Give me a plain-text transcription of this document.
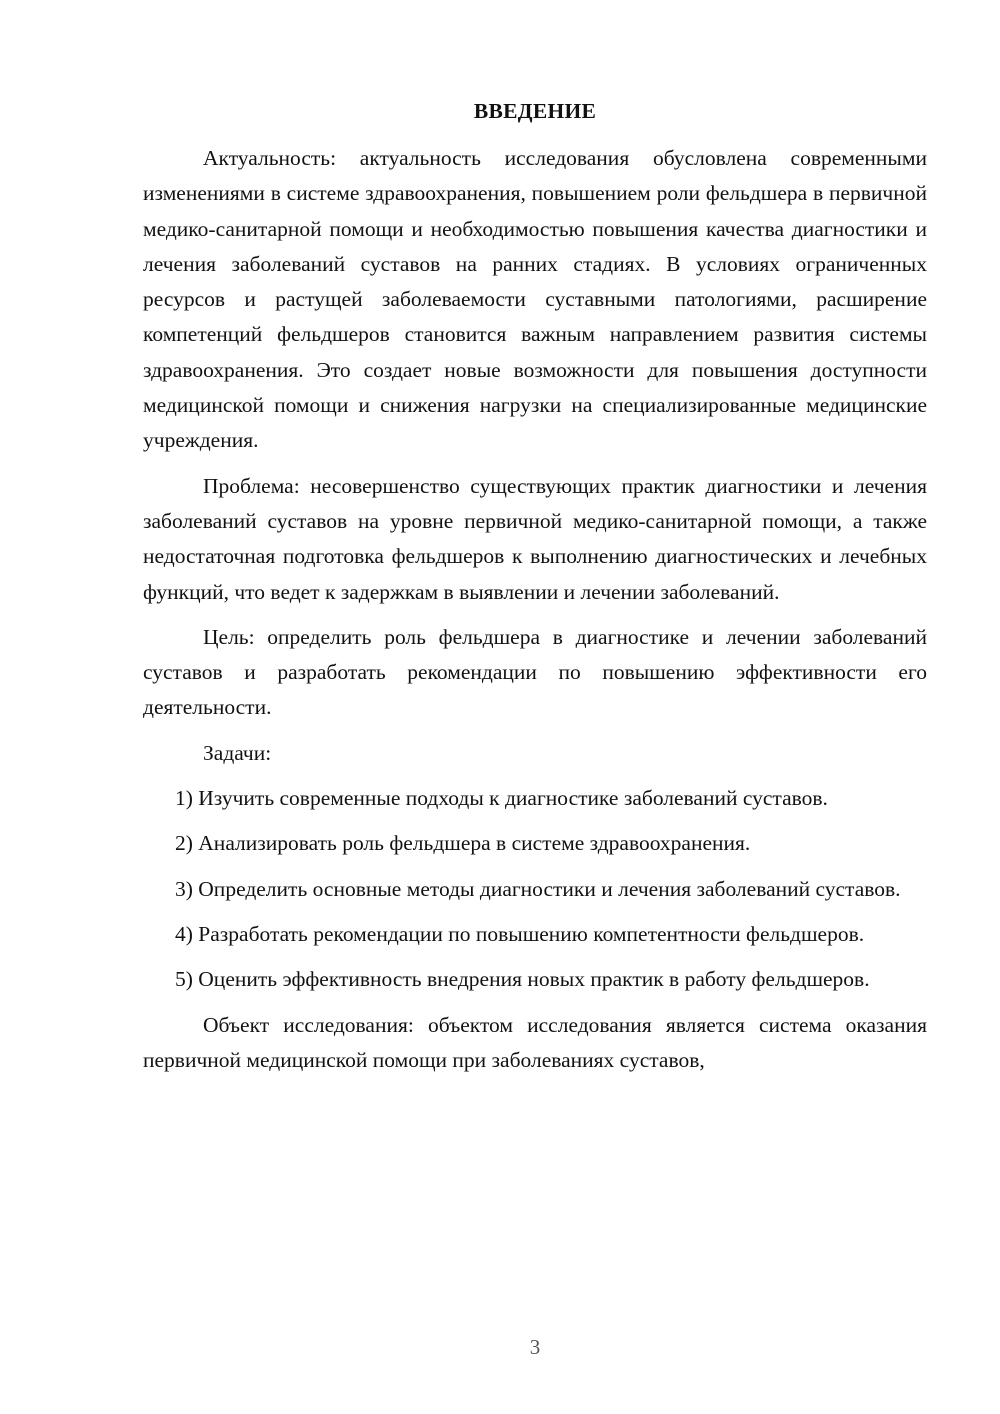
ВВЕДЕНИЕ

Актуальность: актуальность исследования обусловлена современными изменениями в системе здравоохранения, повышением роли фельдшера в первичной медико-санитарной помощи и необходимостью повышения качества диагностики и лечения заболеваний суставов на ранних стадиях. В условиях ограниченных ресурсов и растущей заболеваемости суставными патологиями, расширение компетенций фельдшеров становится важным направлением развития системы здравоохранения. Это создает новые возможности для повышения доступности медицинской помощи и снижения нагрузки на специализированные медицинские учреждения.

Проблема: несовершенство существующих практик диагностики и лечения заболеваний суставов на уровне первичной медико-санитарной помощи, а также недостаточная подготовка фельдшеров к выполнению диагностических и лечебных функций, что ведет к задержкам в выявлении и лечении заболеваний.

Цель: определить роль фельдшера в диагностике и лечении заболеваний суставов и разработать рекомендации по повышению эффективности его деятельности.

Задачи:

1) Изучить современные подходы к диагностике заболеваний суставов.

2) Анализировать роль фельдшера в системе здравоохранения.

3) Определить основные методы диагностики и лечения заболеваний суставов.

4) Разработать рекомендации по повышению компетентности фельдшеров.

5) Оценить эффективность внедрения новых практик в работу фельдшеров.

Объект исследования: объектом исследования является система оказания первичной медицинской помощи при заболеваниях суставов,

3
